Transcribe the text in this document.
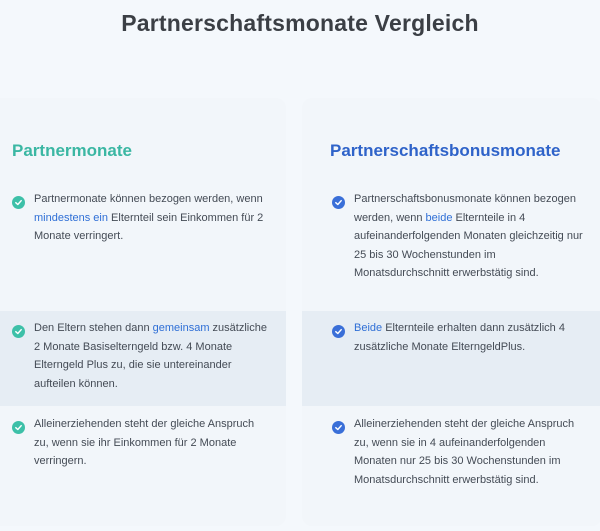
Partnerschaftsmonate Vergleich
Partnermonate
Partnermonate können bezogen werden, wenn mindestens ein Elternteil sein Einkommen für 2 Monate verringert.
Den Eltern stehen dann gemeinsam zusätzliche 2 Monate Basiselterngeld bzw. 4 Monate Elterngeld Plus zu, die sie untereinander aufteilen können.
Alleinerziehenden steht der gleiche Anspruch zu, wenn sie ihr Einkommen für 2 Monate verringern.
Partnerschaftsbonusmonate
Partnerschaftsbonusmonate können bezogen werden, wenn beide Elternteile in 4 aufeinanderfolgenden Monaten gleichzeitig nur 25 bis 30 Wochenstunden im Monatsdurchschnitt erwerbstätig sind.
Beide Elternteile erhalten dann zusätzlich 4 zusätzliche Monate ElterngeldPlus.
Alleinerziehenden steht der gleiche Anspruch zu, wenn sie in 4 aufeinanderfolgenden Monaten nur 25 bis 30 Wochenstunden im Monatsdurchschnitt erwerbstätig sind.
